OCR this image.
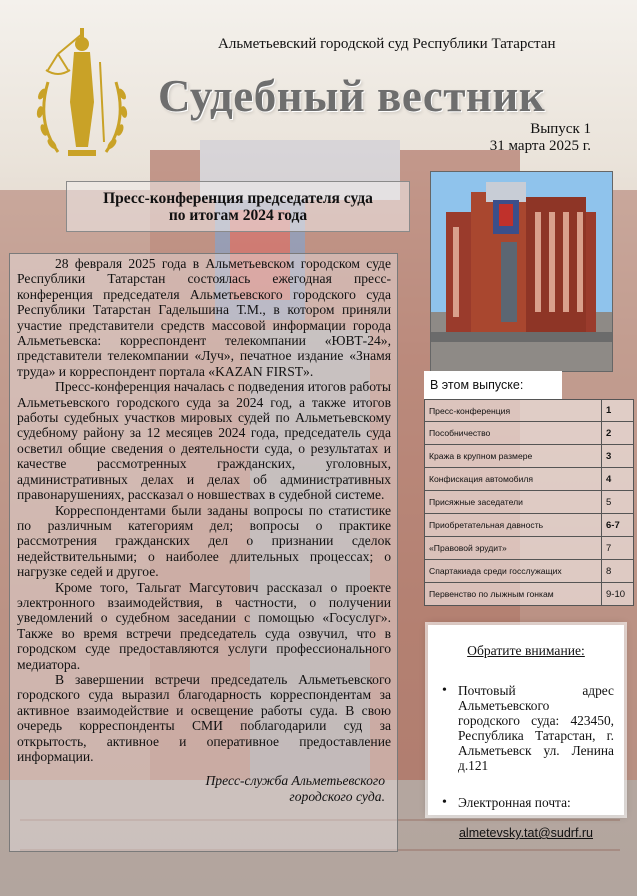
Альметьевский городской суд Республики Татарстан
Судебный вестник
Выпуск 1
31 марта 2025 г.
Пресс-конференция председателя суда
по итогам 2024 года

28 февраля 2025 года в Альметьевском городском суде Республики Татарстан состоялась ежегодная пресс-конференция председателя Альметьевского городского суда Республики Татарстан Гадельшина Т.М., в котором приняли участие представители средств массовой информации города Альметьевска: корреспондент телекомпании «ЮВТ-24», представители телекомпании «Луч», печатное издание «Знамя труда» и корреспондент портала «KAZAN FIRST».

Пресс-конференция началась с подведения итогов работы Альметьевского городского суда за 2024 год, а также итогов работы судебных участков мировых судей по Альметьевскому судебному району за 12 месяцев 2024 года, председатель суда осветил общие сведения о деятельности суда, о результатах и качестве рассмотренных гражданских, уголовных, административных делах и делах об административных правонарушениях, рассказал о новшествах в судебной системе.

Корреспондентами были заданы вопросы по статистике по различным категориям дел; вопросы о практике рассмотрения гражданских дел о признании сделок недействительными; о наиболее длительных процессах; о нагрузке седей и другое.

Кроме того, Тальгат Магсутович рассказал о проекте электронного взаимодействия, в частности, о получении уведомлений о судебном заседании с помощью «Госуслуг». Также во время встречи председатель суда озвучил, что в городском суде предоставляются услуги профессионального медиатора.

В завершении встречи председатель Альметьевского городского суда выразил благодарность корреспондентам за активное взаимодействие и освещение работы суда. В свою очередь корреспонденты СМИ поблагодарили суд за открытость, активное и оперативное предоставление информации.

Пресс-служба Альметьевского
городского суда.
В этом выпуске:
Пресс-конференция	1
Пособничество	2
Кража в крупном размере	3
Конфискация автомобиля	4
Присяжные заседатели	5
Приобретательная давность	6-7
«Правовой эрудит»	7
Спартакиада среди госслужащих	8
Первенство по лыжным гонкам	9-10
Обратите внимание:
• Почтовый адрес Альметьевского городского суда: 423450, Республика Татарстан, г. Альметьевск ул. Ленина д.121
• Электронная почта:
almetevsky.tat@sudrf.ru
